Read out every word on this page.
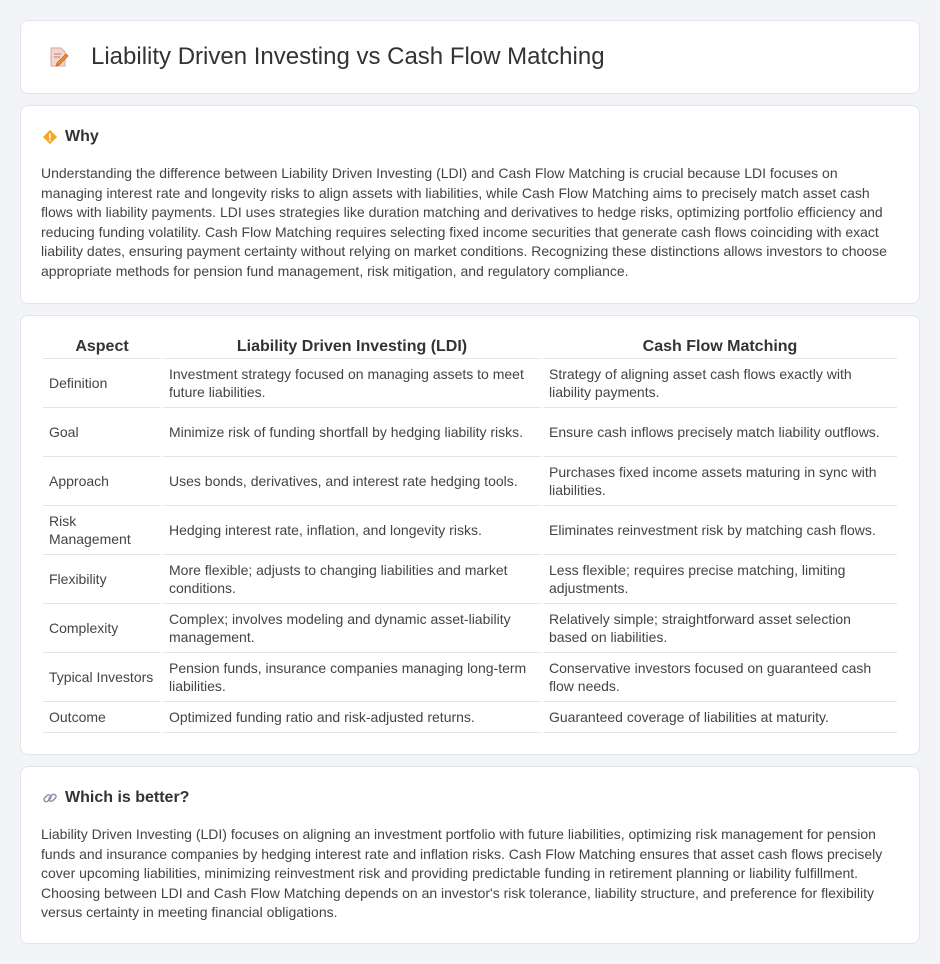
Liability Driven Investing vs Cash Flow Matching
Why

Understanding the difference between Liability Driven Investing (LDI) and Cash Flow Matching is crucial because LDI focuses on managing interest rate and longevity risks to align assets with liabilities, while Cash Flow Matching aims to precisely match asset cash flows with liability payments. LDI uses strategies like duration matching and derivatives to hedge risks, optimizing portfolio efficiency and reducing funding volatility. Cash Flow Matching requires selecting fixed income securities that generate cash flows coinciding with exact liability dates, ensuring payment certainty without relying on market conditions. Recognizing these distinctions allows investors to choose appropriate methods for pension fund management, risk mitigation, and regulatory compliance.

Aspect	Liability Driven Investing (LDI)	Cash Flow Matching
Definition	Investment strategy focused on managing assets to meet future liabilities.	Strategy of aligning asset cash flows exactly with liability payments.
Goal	Minimize risk of funding shortfall by hedging liability risks.	Ensure cash inflows precisely match liability outflows.
Approach	Uses bonds, derivatives, and interest rate hedging tools.	Purchases fixed income assets maturing in sync with liabilities.
Risk Management	Hedging interest rate, inflation, and longevity risks.	Eliminates reinvestment risk by matching cash flows.
Flexibility	More flexible; adjusts to changing liabilities and market conditions.	Less flexible; requires precise matching, limiting adjustments.
Complexity	Complex; involves modeling and dynamic asset-liability management.	Relatively simple; straightforward asset selection based on liabilities.
Typical Investors	Pension funds, insurance companies managing long-term liabilities.	Conservative investors focused on guaranteed cash flow needs.
Outcome	Optimized funding ratio and risk-adjusted returns.	Guaranteed coverage of liabilities at maturity.
Which is better?

Liability Driven Investing (LDI) focuses on aligning an investment portfolio with future liabilities, optimizing risk management for pension funds and insurance companies by hedging interest rate and inflation risks. Cash Flow Matching ensures that asset cash flows precisely cover upcoming liabilities, minimizing reinvestment risk and providing predictable funding in retirement planning or liability fulfillment. Choosing between LDI and Cash Flow Matching depends on an investor's risk tolerance, liability structure, and preference for flexibility versus certainty in meeting financial obligations.
